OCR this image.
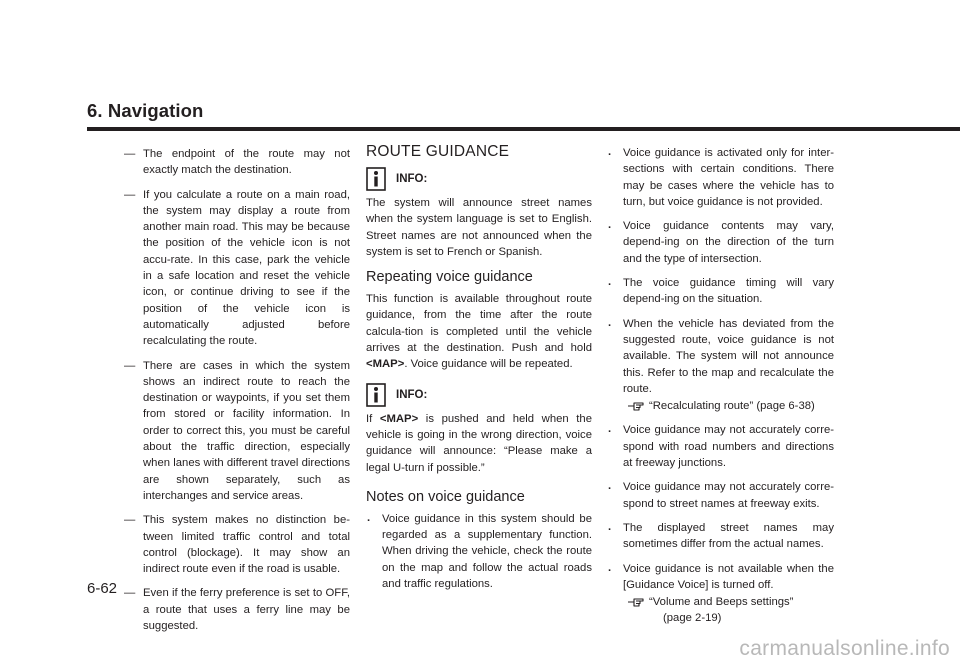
6. Navigation
— The endpoint of the route may not exactly match the destination.
— If you calculate a route on a main road, the system may display a route from another main road. This may be because the position of the vehicle icon is not accu-rate. In this case, park the vehicle in a safe location and reset the vehicle icon, or continue driving to see if the position of the vehicle icon is automatically adjusted before recalculating the route.
— There are cases in which the system shows an indirect route to reach the destination or waypoints, if you set them from stored or facility information. In order to correct this, you must be careful about the traffic direction, especially when lanes with different travel directions are shown separately, such as interchanges and service areas.
— This system makes no distinction be-tween limited traffic control and total control (blockage). It may show an indirect route even if the road is usable.
— Even if the ferry preference is set to OFF, a route that uses a ferry line may be suggested.
ROUTE GUIDANCE
INFO:
The system will announce street names when the system language is set to English. Street names are not announced when the system is set to French or Spanish.
Repeating voice guidance
This function is available throughout route guidance, from the time after the route calcula-tion is completed until the vehicle arrives at the destination. Push and hold <MAP>. Voice guidance will be repeated.
INFO:
If <MAP> is pushed and held when the vehicle is going in the wrong direction, voice guidance will announce: “Please make a legal U-turn if possible.”
Notes on voice guidance
. Voice guidance in this system should be regarded as a supplementary function. When driving the vehicle, check the route on the map and follow the actual roads and traffic regulations.
. Voice guidance is activated only for inter-sections with certain conditions. There may be cases where the vehicle has to turn, but voice guidance is not provided.
. Voice guidance contents may vary, depend-ing on the direction of the turn and the type of intersection.
. The voice guidance timing will vary depend-ing on the situation.
. When the vehicle has deviated from the suggested route, voice guidance is not available. The system will not announce this. Refer to the map and recalculate the route.
“Recalculating route” (page 6-38)
. Voice guidance may not accurately corre-spond with road numbers and directions at freeway junctions.
. Voice guidance may not accurately corre-spond to street names at freeway exits.
. The displayed street names may sometimes differ from the actual names.
. Voice guidance is not available when the [Guidance Voice] is turned off.
“Volume and Beeps settings”
(page 2-19)
6-62
carmanualsonline.info
